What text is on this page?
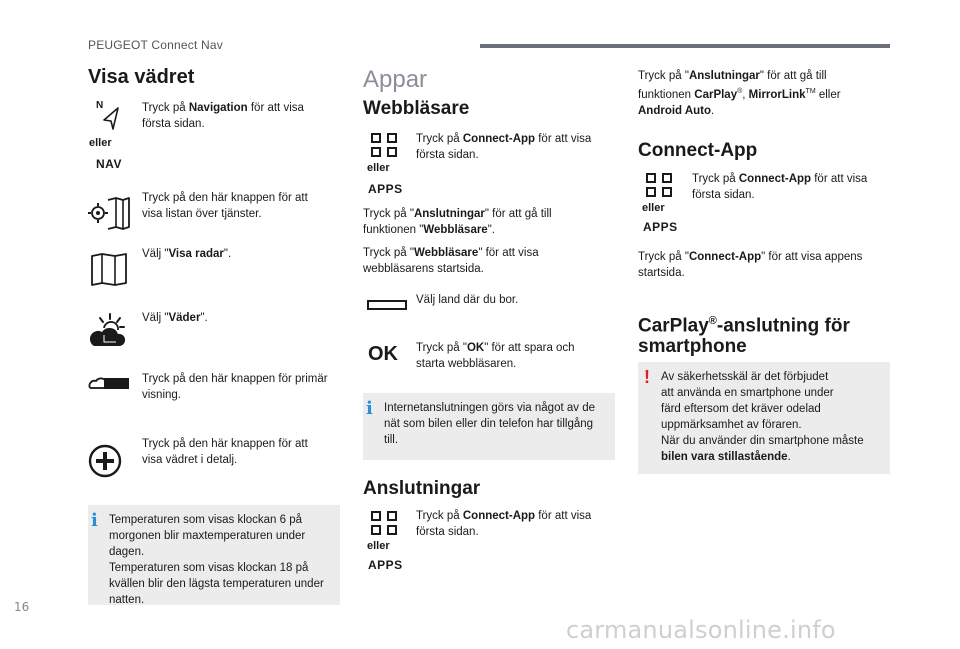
PEUGEOT Connect Nav
Visa vädret
N
eller
NAV
Tryck på Navigation för att visa
första sidan.
Tryck på den här knappen för att
visa listan över tjänster.
Välj "Visa radar".
Välj "Väder".
Tryck på den här knappen för primär
visning.
Tryck på den här knappen för att
visa vädret i detalj.
i Temperaturen som visas klockan 6 på
morgonen blir maxtemperaturen under
dagen.
Temperaturen som visas klockan 18 på
kvällen blir den lägsta temperaturen under
natten.
Appar
Webbläsare
eller
APPS
Tryck på Connect-App för att visa
första sidan.
Tryck på "Anslutningar" för att gå till
funktionen "Webbläsare".
Tryck på "Webbläsare" för att visa
webbläsarens startsida.
Välj land där du bor.
OK Tryck på "OK" för att spara och
starta webbläsaren.
i Internetanslutningen görs via något av de
nät som bilen eller din telefon har tillgång
till.
Anslutningar
eller
APPS
Tryck på Connect-App för att visa
första sidan.
Tryck på "Anslutningar" för att gå till
funktionen CarPlay®, MirrorLink™ eller
Android Auto.
Connect-App
eller
APPS
Tryck på Connect-App för att visa
första sidan.
Tryck på "Connect-App" för att visa appens
startsida.
CarPlay®-anslutning för
smartphone
! Av säkerhetsskäl är det förbjudet
att använda en smartphone under
färd eftersom det kräver odelad
uppmärksamhet av föraren.
När du använder din smartphone måste
bilen vara stillastående.
16
carmanualsonline.info
